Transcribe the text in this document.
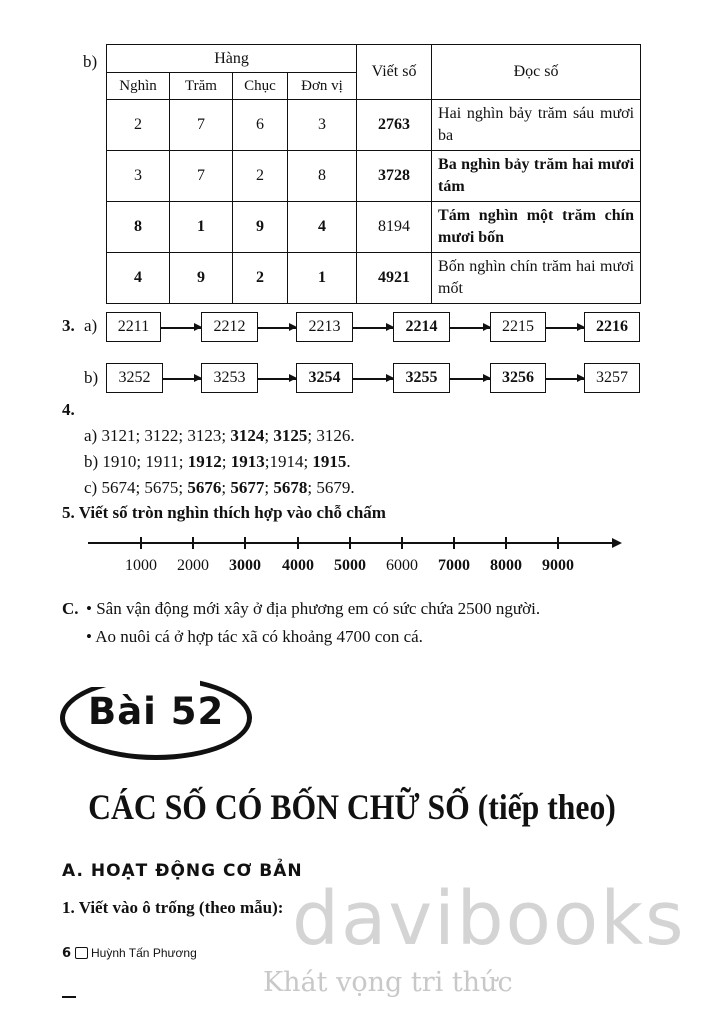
b)	Hàng				Viết số	Đọc số
Nghìn	Trăm	Chục	Đơn vị		
2	7	6	3	2763	Hai nghìn bảy trăm sáu mươi ba
3	7	2	8	3728	Ba nghìn bảy trăm hai mươi tám
8	1	9	4	8194	Tám nghìn một trăm chín mươi bốn
4	9	2	1	4921	Bốn nghìn chín trăm hai mươi mốt
3. a)
b)
2211	2212	2213	2214	2215	2216
3252	3253	3254	3255	3256	3257
4.
a) 3121; 3122; 3123; 3124; 3125; 3126.
b) 1910; 1911; 1912; 1913;1914; 1915.
c) 5674; 5675; 5676; 5677; 5678; 5679.
5. Viết số tròn nghìn thích hợp vào chỗ chấm
1000	2000	3000	4000	5000	6000	7000	8000	9000
C. • Sân vận động mới xây ở địa phương em có sức chứa 2500 người.
• Ao nuôi cá ở hợp tác xã có khoảng 4700 con cá.
Bài 52
CÁC SỐ CÓ BỐN CHỮ SỐ (tiếp theo)
A. HOẠT ĐỘNG CƠ BẢN
1. Viết vào ô trống (theo mẫu):
6 Huỳnh Tấn Phương davibooks
Khát vọng tri thức
